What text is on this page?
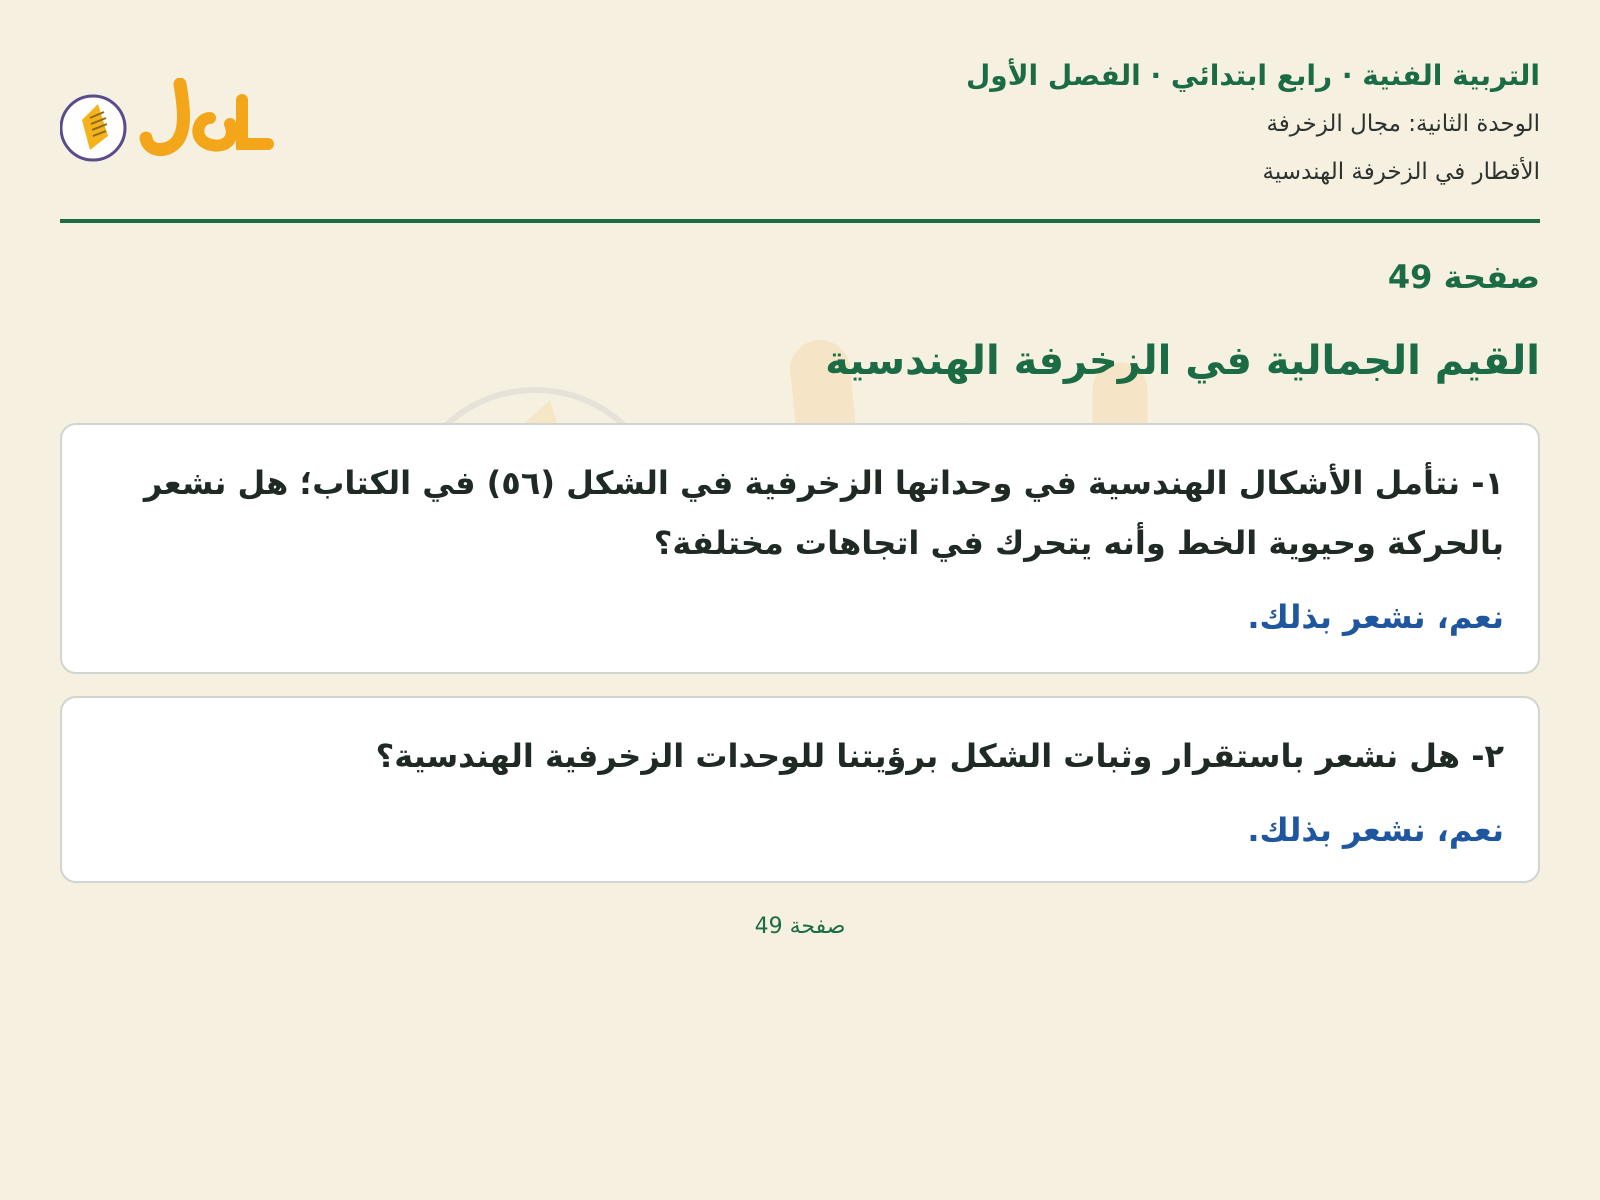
التربية الفنية · رابع ابتدائي · الفصل الأول
الوحدة الثانية: مجال الزخرفة
الأقطار في الزخرفة الهندسية
صفحة 49
القيم الجمالية في الزخرفة الهندسية
١- نتأمل الأشكال الهندسية في وحداتها الزخرفية في الشكل (٥٦) في الكتاب؛ هل نشعر بالحركة وحيوية الخط وأنه يتحرك في اتجاهات مختلفة؟
نعم، نشعر بذلك.
٢- هل نشعر باستقرار وثبات الشكل برؤيتنا للوحدات الزخرفية الهندسية؟
نعم، نشعر بذلك.
صفحة 49
